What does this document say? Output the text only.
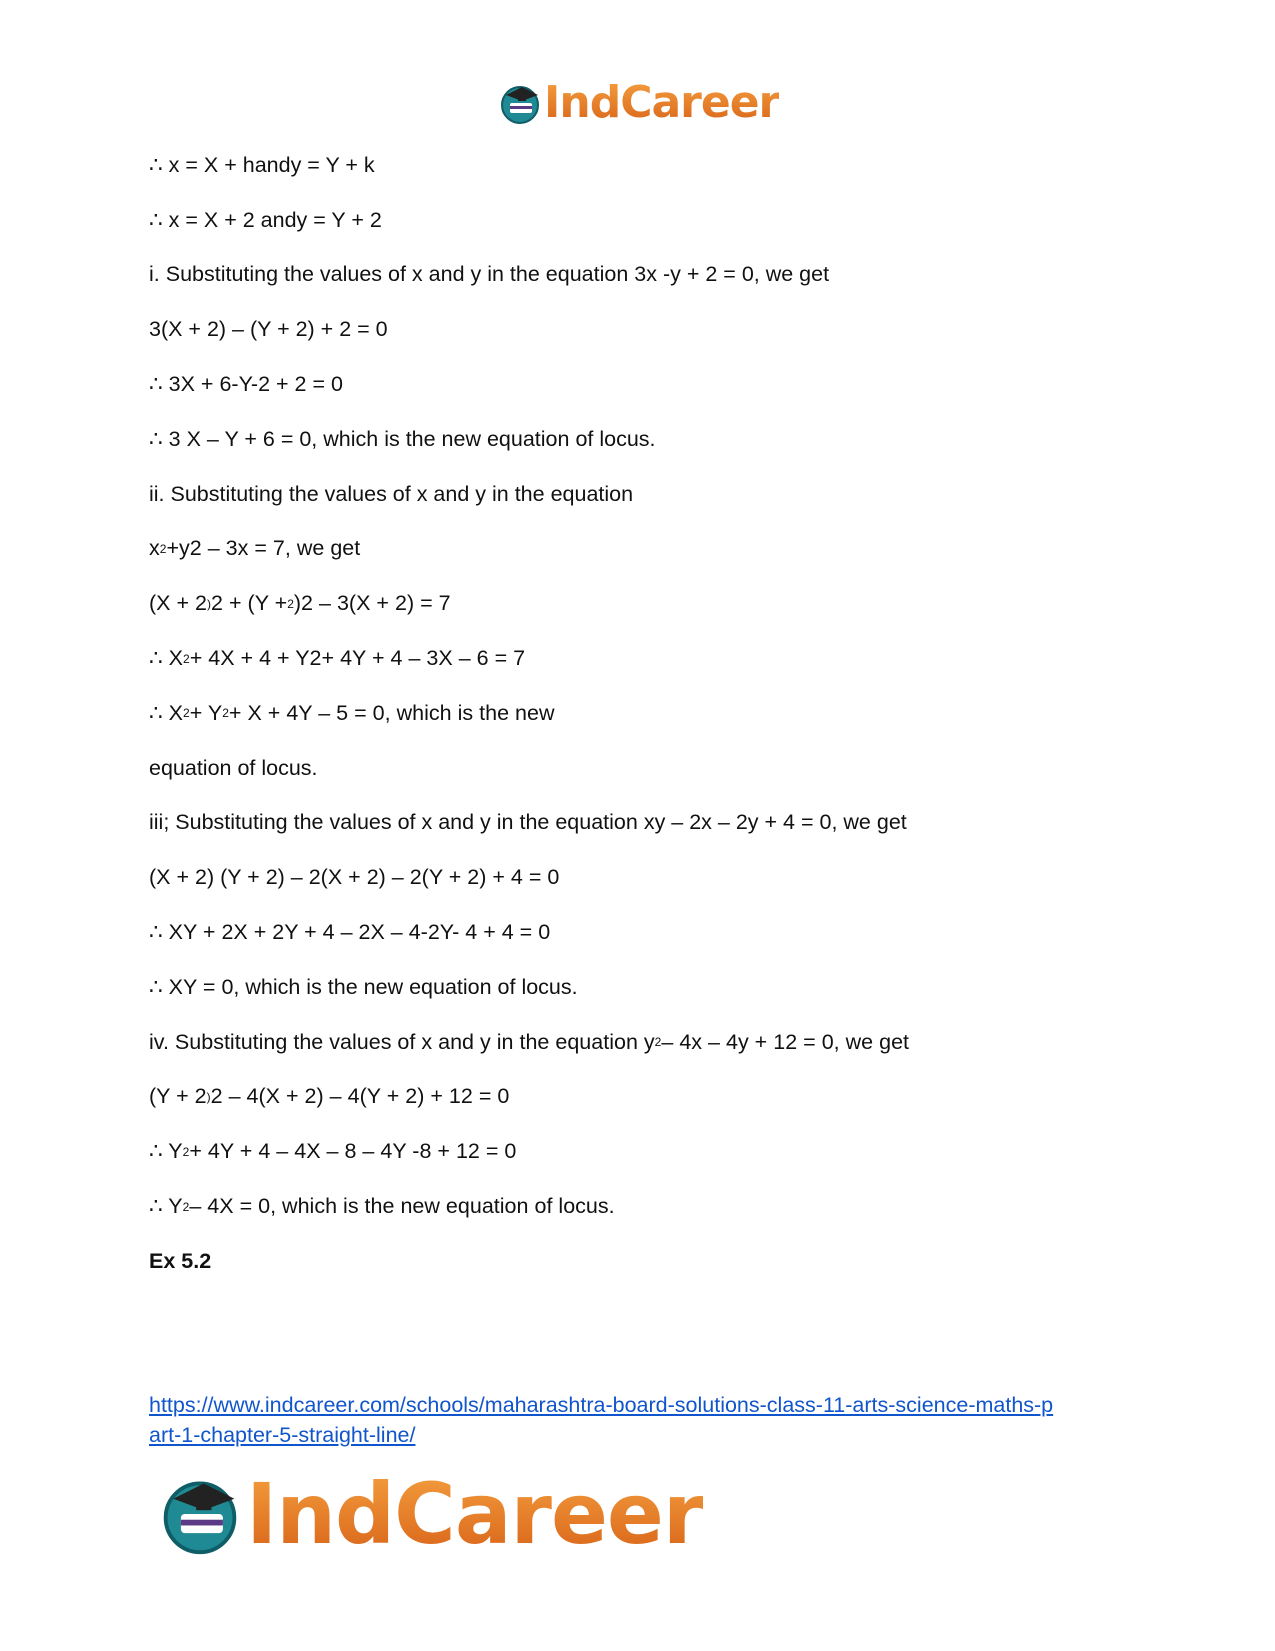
IndCareer
∴ x = X + handy = Y + k
∴ x = X + 2 andy = Y + 2
i. Substituting the values of x and y in the equation 3x -y + 2 = 0, we get
3(X + 2) – (Y + 2) + 2 = 0
∴ 3X + 6-Y-2 + 2 = 0
∴ 3 X – Y + 6 = 0, which is the new equation of locus.
ii. Substituting the values of x and y in the equation
x 2 +
y2 – 3x = 7, we get
(X + 2 ) 2 + (Y + 2 )2 – 3(X + 2) = 7
∴ X 2 + 4X + 4 + Y2
+ 4Y + 4 – 3X – 6 = 7
∴ X 2 + Y 2 + X + 4Y – 5 = 0, which is the new
equation of locus.
iii; Substituting the values of x and y in the equation xy – 2x – 2y + 4 = 0, we get
(X + 2) (Y + 2) – 2(X + 2) – 2(Y + 2) + 4 = 0
∴ XY + 2X + 2Y + 4 – 2X – 4-2Y- 4 + 4 = 0
∴ XY = 0, which is the new equation of locus.
iv. Substituting the values of x and y in the equation y 2 – 4x – 4y + 12 = 0, we get
(Y + 2 ) 2 – 4(X + 2) – 4(Y + 2) + 12 = 0
∴ Y 2 + 4Y + 4 – 4X – 8 – 4Y -8 + 12 = 0
∴ Y 2 – 4X = 0, which is the new equation of locus.
Ex 5.2
https://www.indcareer.com/schools/maharashtra-board-solutions-class-11-arts-science-maths-p
art-1-chapter-5-straight-line/
IndCareer
